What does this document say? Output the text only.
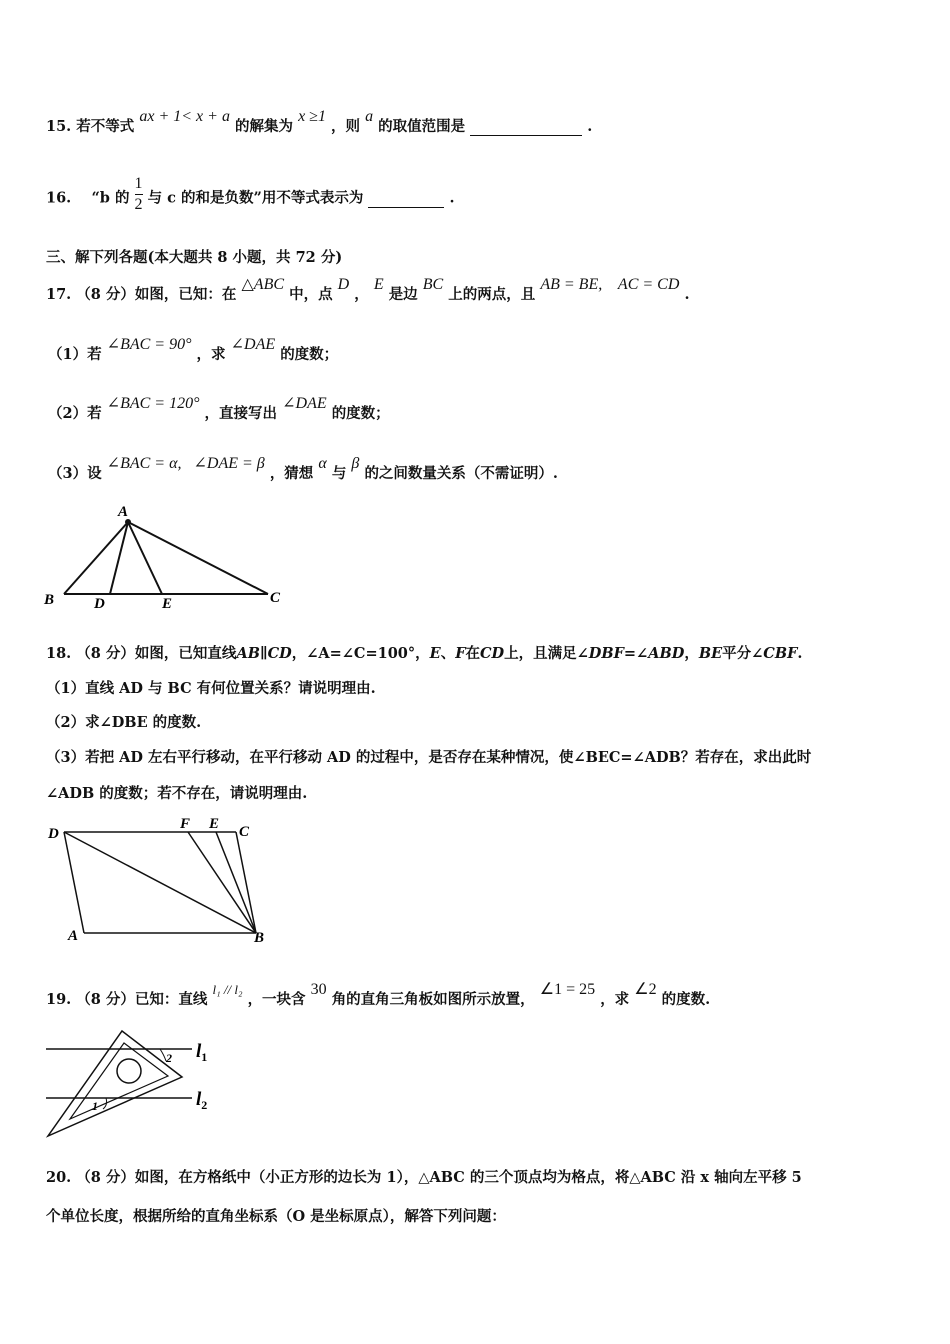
15. 若不等式 ax + 1< x + a 的解集为 x ≥1 ，则 a 的取值范围是	.
16. “b 的 $\frac{1}{2}$ 与 c 的和是负数”用不等式表示为	.
三、解下列各题(本大题共 8 小题，共 72 分)
17. （8 分）如图，已知：在 △ABC 中，点 D ， E 是边 BC 上的两点，且 AB = BE,    AC = CD .
（1）若 ∠BAC = 90° ，求 ∠DAE 的度数；
（2）若 ∠BAC = 120° ，直接写出 ∠DAE 的度数；
（3）设 ∠BAC = α,   ∠DAE = β ，猜想 α 与 β 的之间数量关系（不需证明）.
A
B	D	E	C
18. （8 分）如图，已知直线AB∥CD，∠A=∠C=100°，E、F在CD上，且满足∠DBF=∠ABD，BE平分∠CBF.
（1）直线 AD 与 BC 有何位置关系？请说明理由.
（2）求∠DBE 的度数.
（3）若把 AD 左右平行移动，在平行移动 AD 的过程中，是否存在某种情况，使∠BEC=∠ADB？若存在，求出此时
∠ADB 的度数；若不存在，请说明理由.
D
F E C
A	B
19. （8 分）已知：直线 l₁ // l₂ ，一块含 30 角的直角三角板如图所示放置， ∠1 = 25 ，求 ∠2 的度数.
2
1
$l_1$
$l_2$
20. （8 分）如图，在方格纸中（小正方形的边长为 1），△ABC 的三个顶点均为格点，将△ABC 沿 x 轴向左平移 5
个单位长度，根据所给的直角坐标系（O 是坐标原点），解答下列问题：
